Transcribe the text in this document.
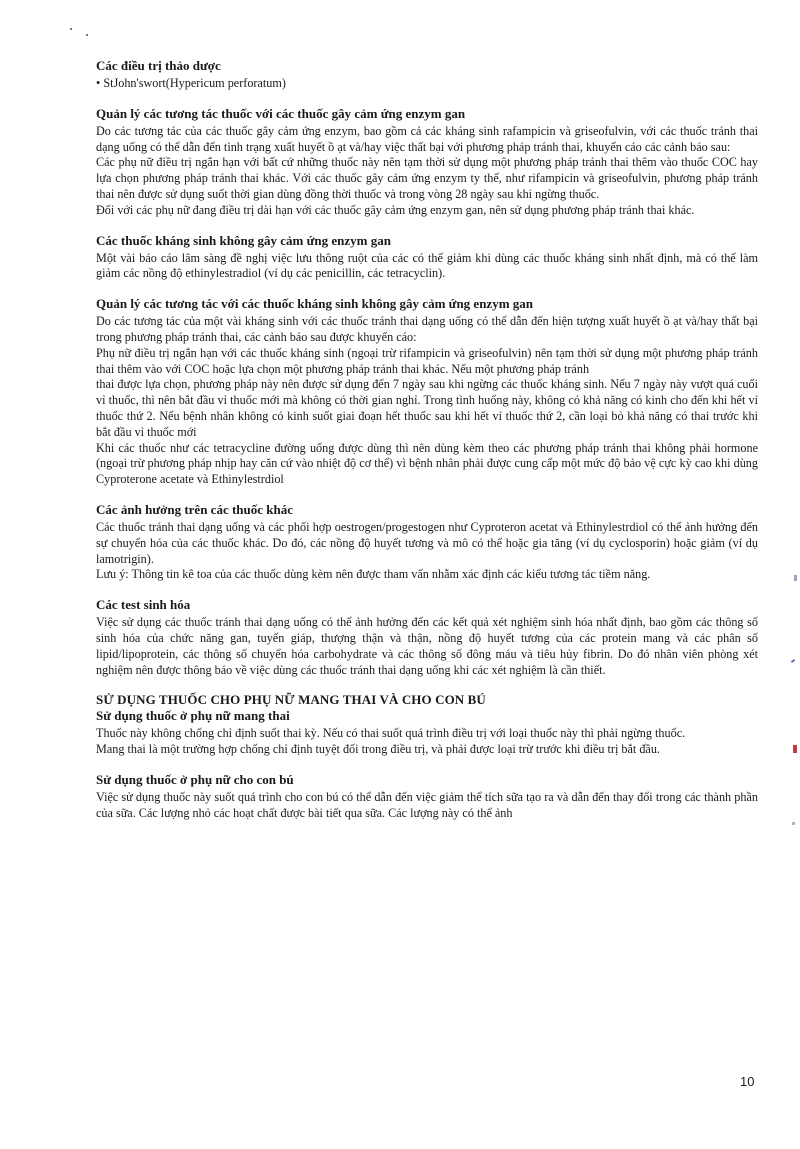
Các điều trị thảo dược

• StJohn'swort(Hypericum perforatum)

Quản lý các tương tác thuốc với các thuốc gây cảm ứng enzym gan

Do các tương tác của các thuốc gây cảm ứng enzym, bao gồm cả các kháng sinh rafampicin và griseofulvin, với các thuốc tránh thai dạng uống có thể dẫn đến tình trạng xuất huyết ồ ạt và/hay việc thất bại với phương pháp tránh thai, khuyến cáo các cảnh báo sau:

Các phụ nữ điều trị ngắn hạn với bất cứ những thuốc này nên tạm thời sử dụng một phương pháp tránh thai thêm vào thuốc COC hay lựa chọn phương pháp tránh thai khác. Với các thuốc gây cảm ứng enzym ty thể, như rifampicin và griseofulvin, phương pháp tránh thai nên được sử dụng suốt thời gian dùng đồng thời thuốc và trong vòng 28 ngày sau khi ngừng thuốc.

Đối với các phụ nữ đang điều trị dài hạn với các thuốc gây cảm ứng enzym gan, nên sử dụng phương pháp tránh thai khác.

Các thuốc kháng sinh không gây cảm ứng enzym gan

Một vài báo cáo lâm sàng đề nghị việc lưu thông ruột của các có thể giảm khi dùng các thuốc kháng sinh nhất định, mà có thể làm giảm các nồng độ ethinylestradiol (ví dụ các penicillin, các tetracyclin).

Quản lý các tương tác với các thuốc kháng sinh không gây cảm ứng enzym gan

Do các tương tác của một vài kháng sinh với các thuốc tránh thai dạng uống có thể dẫn đến hiện tượng xuất huyết ồ ạt và/hay thất bại trong phương pháp tránh thai, các cảnh báo sau được khuyến cáo:

Phụ nữ điều trị ngắn hạn với các thuốc kháng sinh (ngoại trừ rifampicin và griseofulvin) nên tạm thời sử dụng một phương pháp tránh thai thêm vào với COC hoặc lựa chọn một phương pháp tránh thai khác. Nếu một phương pháp tránh

thai được lựa chọn, phương pháp này nên được sử dụng đến 7 ngày sau khi ngừng các thuốc kháng sinh. Nếu 7 ngày này vượt quá cuối vỉ thuốc, thì nên bắt đầu vỉ thuốc mới mà không có thời gian nghỉ. Trong tình huống này, không có khả năng có kinh cho đến khi hết vỉ thuốc thứ 2. Nếu bệnh nhân không có kinh suốt giai đoạn hết thuốc sau khi hết vỉ thuốc thứ 2, cần loại bỏ khả năng có thai trước khi bắt đầu vỉ thuốc mới

Khi các thuốc như các tetracycline đường uống được dùng thì nên dùng kèm theo các phương pháp tránh thai không phải hormone (ngoại trừ phương pháp nhịp hay căn cứ vào nhiệt độ cơ thể) vì bệnh nhân phải được cung cấp một mức độ bảo vệ cực kỳ cao khi dùng Cyproterone acetate và Ethinylestrdiol

Các ảnh hưởng trên các thuốc khác

Các thuốc tránh thai dạng uống và các phối hợp oestrogen/progestogen như Cyproteron acetat và Ethinylestrdiol có thể ảnh hưởng đến sự chuyển hóa của các thuốc khác. Do đó, các nồng độ huyết tương và mô có thể hoặc gia tăng (ví dụ cyclosporin) hoặc giảm (ví dụ lamotrigin).

Lưu ý: Thông tin kê toa của các thuốc dùng kèm nên được tham vấn nhằm xác định các kiểu tương tác tiềm năng.

Các test sinh hóa

Việc sử dụng các thuốc tránh thai dạng uống có thể ảnh hưởng đến các kết quả xét nghiệm sinh hóa nhất định, bao gồm các thông số sinh hóa của chức năng gan, tuyến giáp, thượng thận và thận, nồng độ huyết tương của các protein mang và các phân số lipid/lipoprotein, các thông số chuyển hóa carbohydrate và các thông số đông máu và tiêu hủy fibrin. Do đó nhân viên phòng xét nghiệm nên được thông báo về việc dùng các thuốc tránh thai dạng uống khi các xét nghiệm là cần thiết.

SỬ DỤNG THUỐC CHO PHỤ NỮ MANG THAI VÀ CHO CON BÚ
Sử dụng thuốc ở phụ nữ mang thai

Thuốc này không chống chỉ định suốt thai kỳ. Nếu có thai suốt quá trình điều trị với loại thuốc này thì phải ngừng thuốc.

Mang thai là một trường hợp chống chỉ định tuyệt đối trong điều trị, và phải được loại trừ trước khi điều trị bắt đầu.

Sử dụng thuốc ở phụ nữ cho con bú

Việc sử dụng thuốc này suốt quá trình cho con bú có thể dẫn đến việc giảm thể tích sữa tạo ra và dẫn đến thay đổi trong các thành phần của sữa. Các lượng nhỏ các hoạt chất được bài tiết qua sữa. Các lượng này có thể ảnh

10
